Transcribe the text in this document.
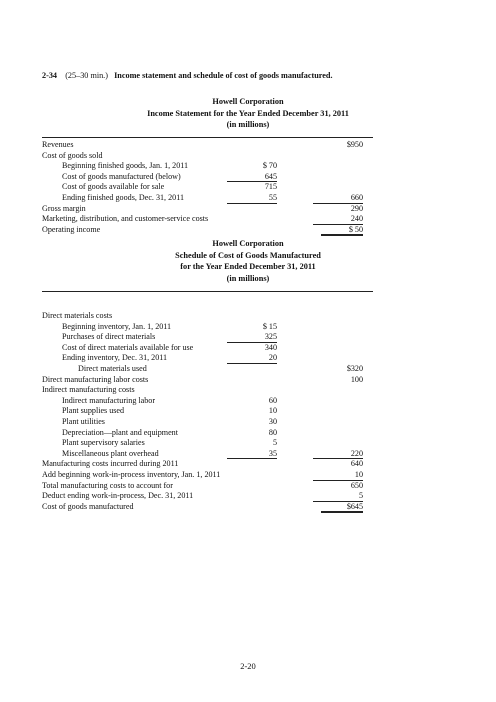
2-34 (25–30 min.) Income statement and schedule of cost of goods manufactured.
Howell Corporation
Income Statement for the Year Ended December 31, 2011
(in millions)
Revenues	$950
Cost of goods sold
Beginning finished goods, Jan. 1, 2011	$ 70
Cost of goods manufactured (below)	645
Cost of goods available for sale	715
Ending finished goods, Dec. 31, 2011	55	660
Gross margin	290
Marketing, distribution, and customer-service costs	240
Operating income	$ 50
Howell Corporation
Schedule of Cost of Goods Manufactured
for the Year Ended December 31, 2011
(in millions)
Direct materials costs
Beginning inventory, Jan. 1, 2011	$ 15
Purchases of direct materials	325
Cost of direct materials available for use	340
Ending inventory, Dec. 31, 2011	20
Direct materials used	$320
Direct manufacturing labor costs	100
Indirect manufacturing costs
Indirect manufacturing labor	60
Plant supplies used	10
Plant utilities	30
Depreciation—plant and equipment	80
Plant supervisory salaries	5
Miscellaneous plant overhead	35	220
Manufacturing costs incurred during 2011	640
Add beginning work-in-process inventory, Jan. 1, 2011	10
Total manufacturing costs to account for	650
Deduct ending work-in-process, Dec. 31, 2011	5
Cost of goods manufactured	$645
2-20
